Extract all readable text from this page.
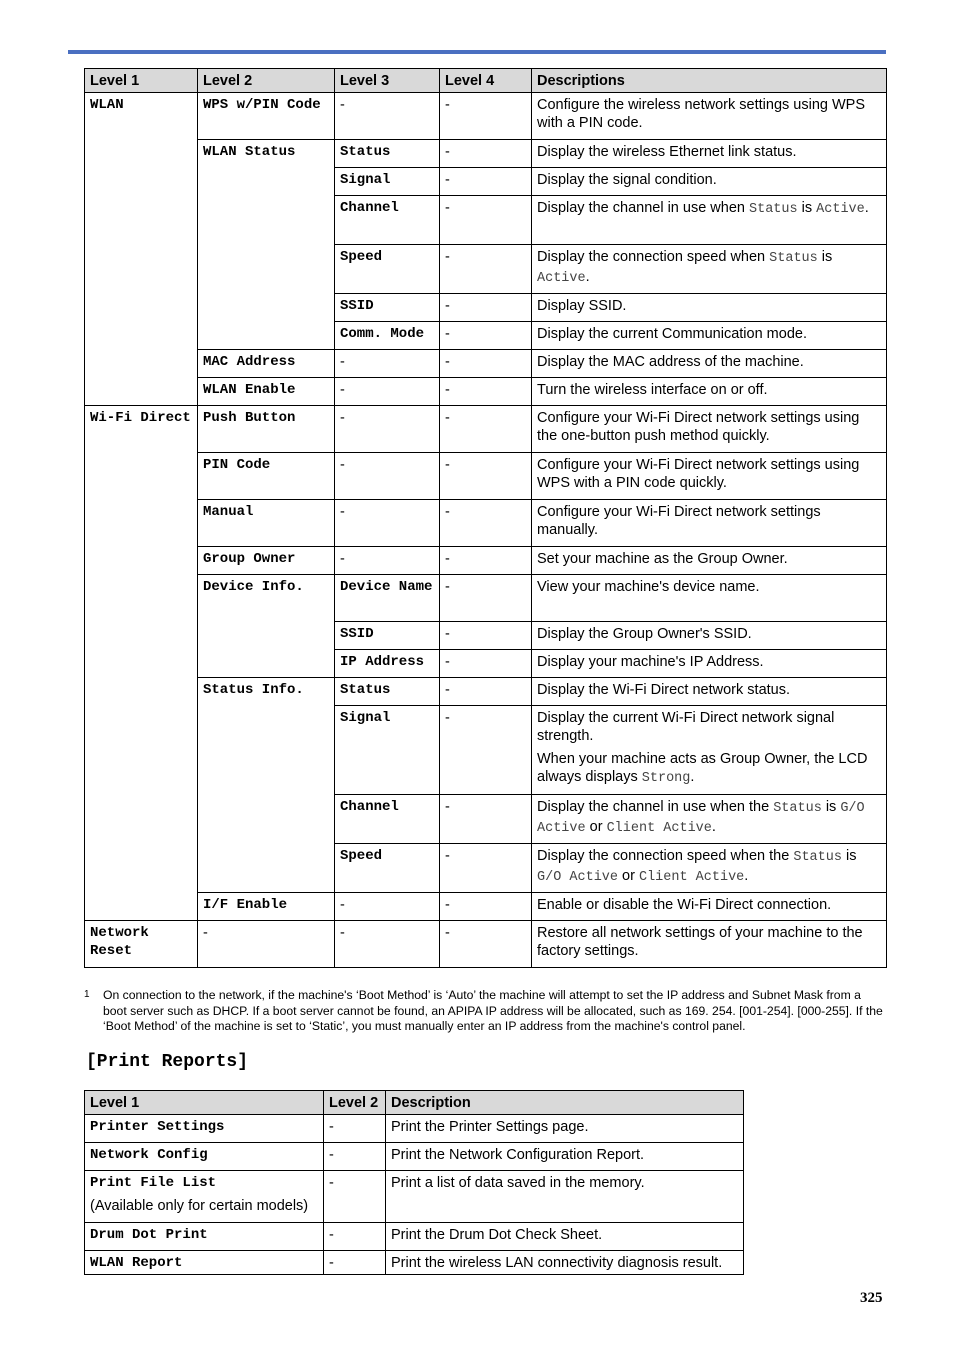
Level 1	Level 2	Level 3	Level 4	Descriptions
WLAN	WPS w/PIN Code	-	-	Configure the wireless network settings using WPS with a PIN code.
	WLAN Status	Status	-	Display the wireless Ethernet link status.
		Signal	-	Display the signal condition.
		Channel	-	Display the channel in use when Status is Active.
		Speed	-	Display the connection speed when Status is Active.
		SSID	-	Display SSID.
		Comm. Mode	-	Display the current Communication mode.
	MAC Address	-	-	Display the MAC address of the machine.
	WLAN Enable	-	-	Turn the wireless interface on or off.
Wi-Fi Direct	Push Button	-	-	Configure your Wi-Fi Direct network settings using the one-button push method quickly.
	PIN Code	-	-	Configure your Wi-Fi Direct network settings using WPS with a PIN code quickly.
	Manual	-	-	Configure your Wi-Fi Direct network settings manually.
	Group Owner	-	-	Set your machine as the Group Owner.
	Device Info.	Device Name	-	View your machine's device name.
		SSID	-	Display the Group Owner's SSID.
		IP Address	-	Display your machine's IP Address.
	Status Info.	Status	-	Display the Wi-Fi Direct network status.
		Signal	-	Display the current Wi-Fi Direct network signal strength.

When your machine acts as Group Owner, the LCD always displays Strong.

		Channel	-	Display the channel in use when the Status is G/O Active or Client Active.
		Speed	-	Display the connection speed when the Status is G/O Active or Client Active.
	I/F Enable	-	-	Enable or disable the Wi-Fi Direct connection.
Network Reset	-	-	-	Restore all network settings of your machine to the factory settings.
1 On connection to the network, if the machine's ‘Boot Method’ is ‘Auto’ the machine will attempt to set the IP address and Subnet Mask from a boot server such as DHCP. If a boot server cannot be found, an APIPA IP address will be allocated, such as 169. 254. [001-254]. [000-255]. If the ‘Boot Method’ of the machine is set to ‘Static’, you must manually enter an IP address from the machine's control panel.
[Print Reports]
Level 1	Level 2	Description
Printer Settings	-	Print the Printer Settings page.
Network Config	-	Print the Network Configuration Report.

Print File List
(Available only for certain models)	-	Print a list of data saved in the memory.
Drum Dot Print	-	Print the Drum Dot Check Sheet.
WLAN Report	-	Print the wireless LAN connectivity diagnosis result.
325
